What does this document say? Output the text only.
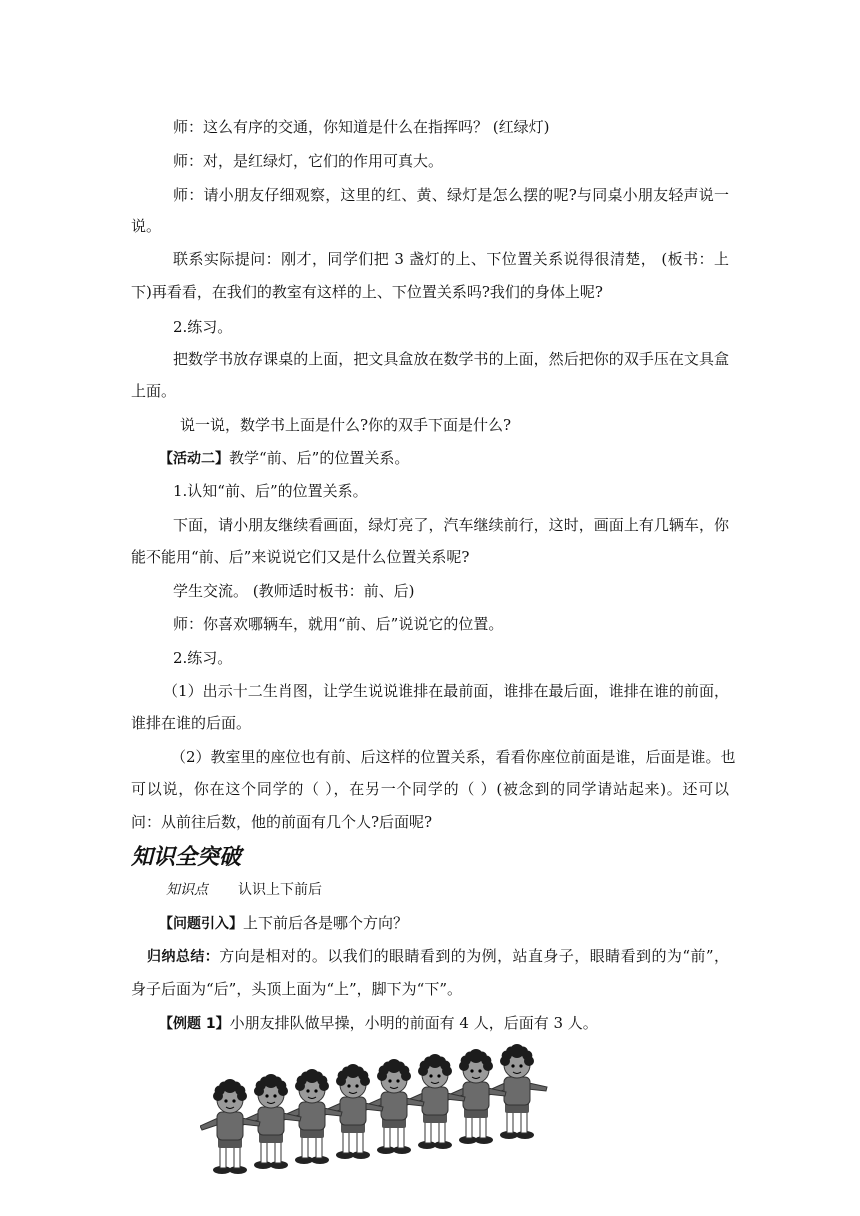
师：这么有序的交通，你知道是什么在指挥吗？ (红绿灯)
师：对，是红绿灯，它们的作用可真大。
师：请小朋友仔细观察，这里的红、黄、绿灯是怎么摆的呢?与同桌小朋友轻声说一
说。
联系实际提问：刚才，同学们把 3 盏灯的上、下位置关系说得很清楚， (板书：上
下)再看看，在我们的教室有这样的上、下位置关系吗?我们的身体上呢?
2.练习。
把数学书放存课桌的上面，把文具盒放在数学书的上面，然后把你的双手压在文具盒
上面。
说一说，数学书上面是什么?你的双手下面是什么?
【活动二】教学“前、后”的位置关系。
1.认知“前、后”的位置关系。
下面，请小朋友继续看画面，绿灯亮了，汽车继续前行，这时，画面上有几辆车，你
能不能用“前、后”来说说它们又是什么位置关系呢?
学生交流。 (教师适时板书：前、后)
师：你喜欢哪辆车，就用“前、后”说说它的位置。
2.练习。
（1）出示十二生肖图，让学生说说谁排在最前面，谁排在最后面，谁排在谁的前面，
谁排在谁的后面。
（2）教室里的座位也有前、后这样的位置关系，看看你座位前面是谁，后面是谁。也
可以说，你在这个同学的（ ），在另一个同学的（ ）(被念到的同学请站起来)。还可以
问：从前往后数，他的前面有几个人?后面呢?
知识全突破
知识点 认识上下前后
【问题引入】上下前后各是哪个方向？
归纳总结：方向是相对的。以我们的眼睛看到的为例，站直身子，眼睛看到的为“前”，
身子后面为“后”，头顶上面为“上”，脚下为“下”。
【例题 1】小朋友排队做早操，小明的前面有 4 人，后面有 3 人。
